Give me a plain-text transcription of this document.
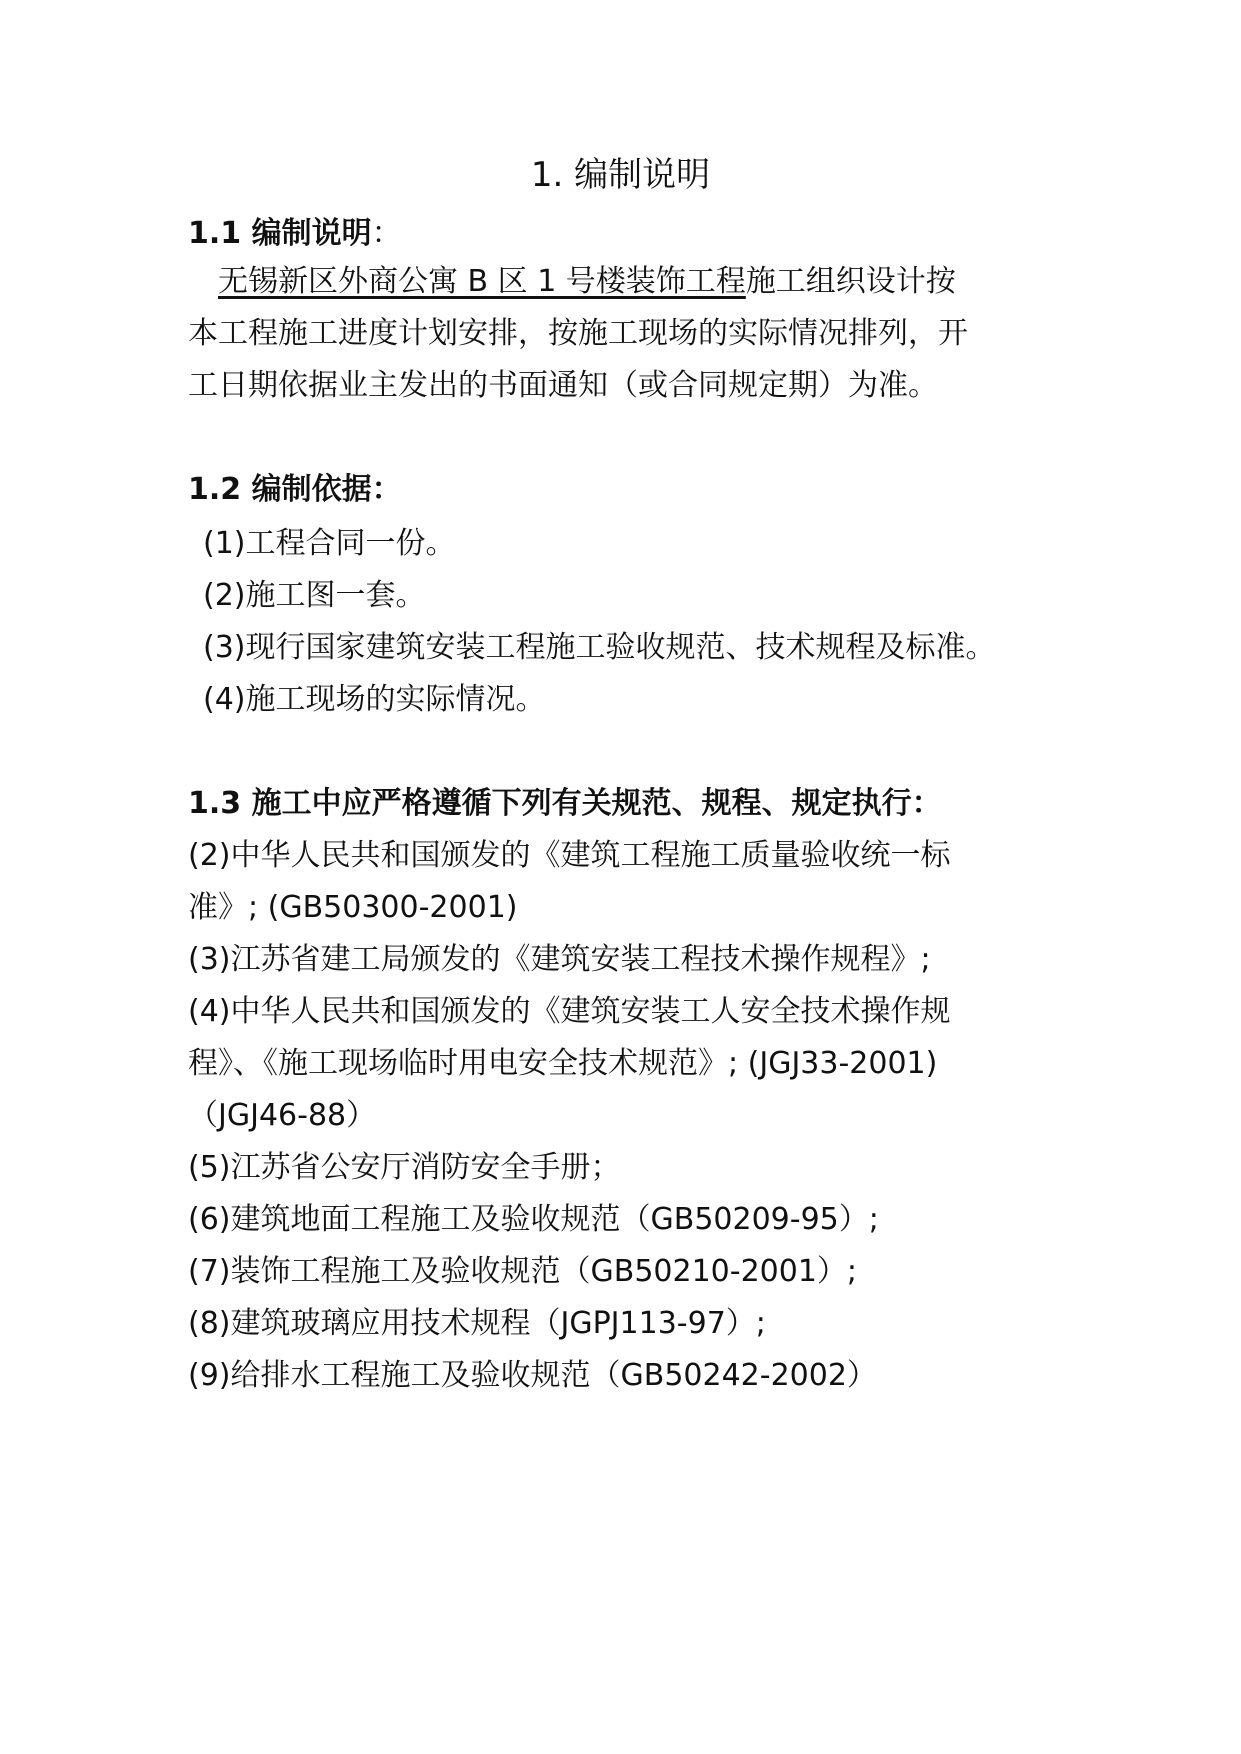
1. 编制说明
1.1 编制说明：
无锡新区外商公寓 B 区 1 号楼装饰工程施工组织设计按
本工程施工进度计划安排，按施工现场的实际情况排列，开
工日期依据业主发出的书面通知（或合同规定期）为准。
1.2 编制依据：
(1)工程合同一份。
(2)施工图一套。
(3)现行国家建筑安装工程施工验收规范、技术规程及标准。
(4)施工现场的实际情况。
1.3 施工中应严格遵循下列有关规范、规程、规定执行：
(2)中华人民共和国颁发的《建筑工程施工质量验收统一标
准》; (GB50300-2001)
(3)江苏省建工局颁发的《建筑安装工程技术操作规程》;
(4)中华人民共和国颁发的《建筑安装工人安全技术操作规
程》、《施工现场临时用电安全技术规范》; (JGJ33-2001)
（JGJ46-88）
(5)江苏省公安厅消防安全手册；
(6)建筑地面工程施工及验收规范（GB50209-95）;
(7)装饰工程施工及验收规范（GB50210-2001）;
(8)建筑玻璃应用技术规程（JGPJ113-97）;
(9)给排水工程施工及验收规范（GB50242-2002）
